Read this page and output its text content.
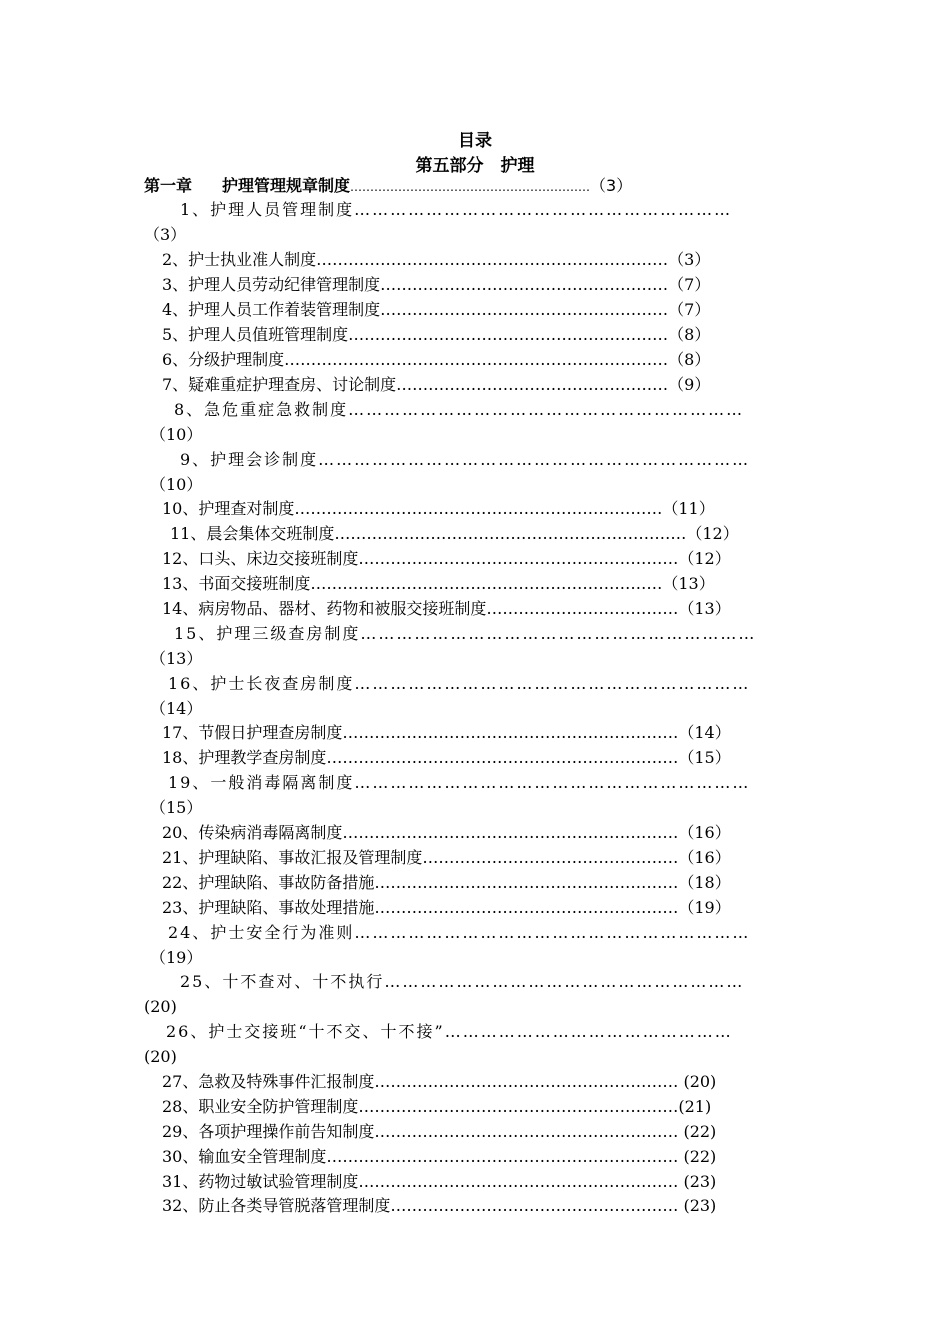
目录
第五部分　护理
第一章 护理管理规章制度……………………………………………………（3）
1、护理人员管理制度………………………………………………………
（3）
2、护士执业准人制度…………………………………………………………（3）
3、护理人员劳动纪律管理制度………………………………………………（7）
4、护理人员工作着装管理制度………………………………………………（7）
5、护理人员值班管理制度……………………………………………………（8）
6、分级护理制度………………………………………………………………（8）
7、疑难重症护理查房、讨论制度……………………………………………（9）
8、急危重症急救制度…………………………………………………………
（10）
9、护理会诊制度………………………………………………………………
（10）
10、护理查对制度……………………………………………………………（11）
11、晨会集体交班制度…………………………………………………………（12）
12、口头、床边交接班制度……………………………………………………（12）
13、书面交接班制度…………………………………………………………（13）
14、病房物品、器材、药物和被服交接班制度………………………………（13）
15、护理三级查房制度…………………………………………………………
（13）
16、护士长夜查房制度…………………………………………………………
（14）
17、节假日护理查房制度………………………………………………………（14）
18、护理教学查房制度…………………………………………………………（15）
19、一般消毒隔离制度…………………………………………………………
（15）
20、传染病消毒隔离制度………………………………………………………（16）
21、护理缺陷、事故汇报及管理制度…………………………………………（16）
22、护理缺陷、事故防备措施…………………………………………………（18）
23、护理缺陷、事故处理措施…………………………………………………（19）
24、护士安全行为准则…………………………………………………………
（19）
25、十不查对、十不执行……………………………………………………
(20)
26、护士交接班“十不交、十不接”…………………………………………
(20)
27、急救及特殊事件汇报制度………………………………………………… (20)
28、职业安全防护管理制度……………………………………………………(21)
29、各项护理操作前告知制度………………………………………………… (22)
30、输血安全管理制度………………………………………………………… (22)
31、药物过敏试验管理制度…………………………………………………… (23)
32、防止各类导管脱落管理制度……………………………………………… (23)
